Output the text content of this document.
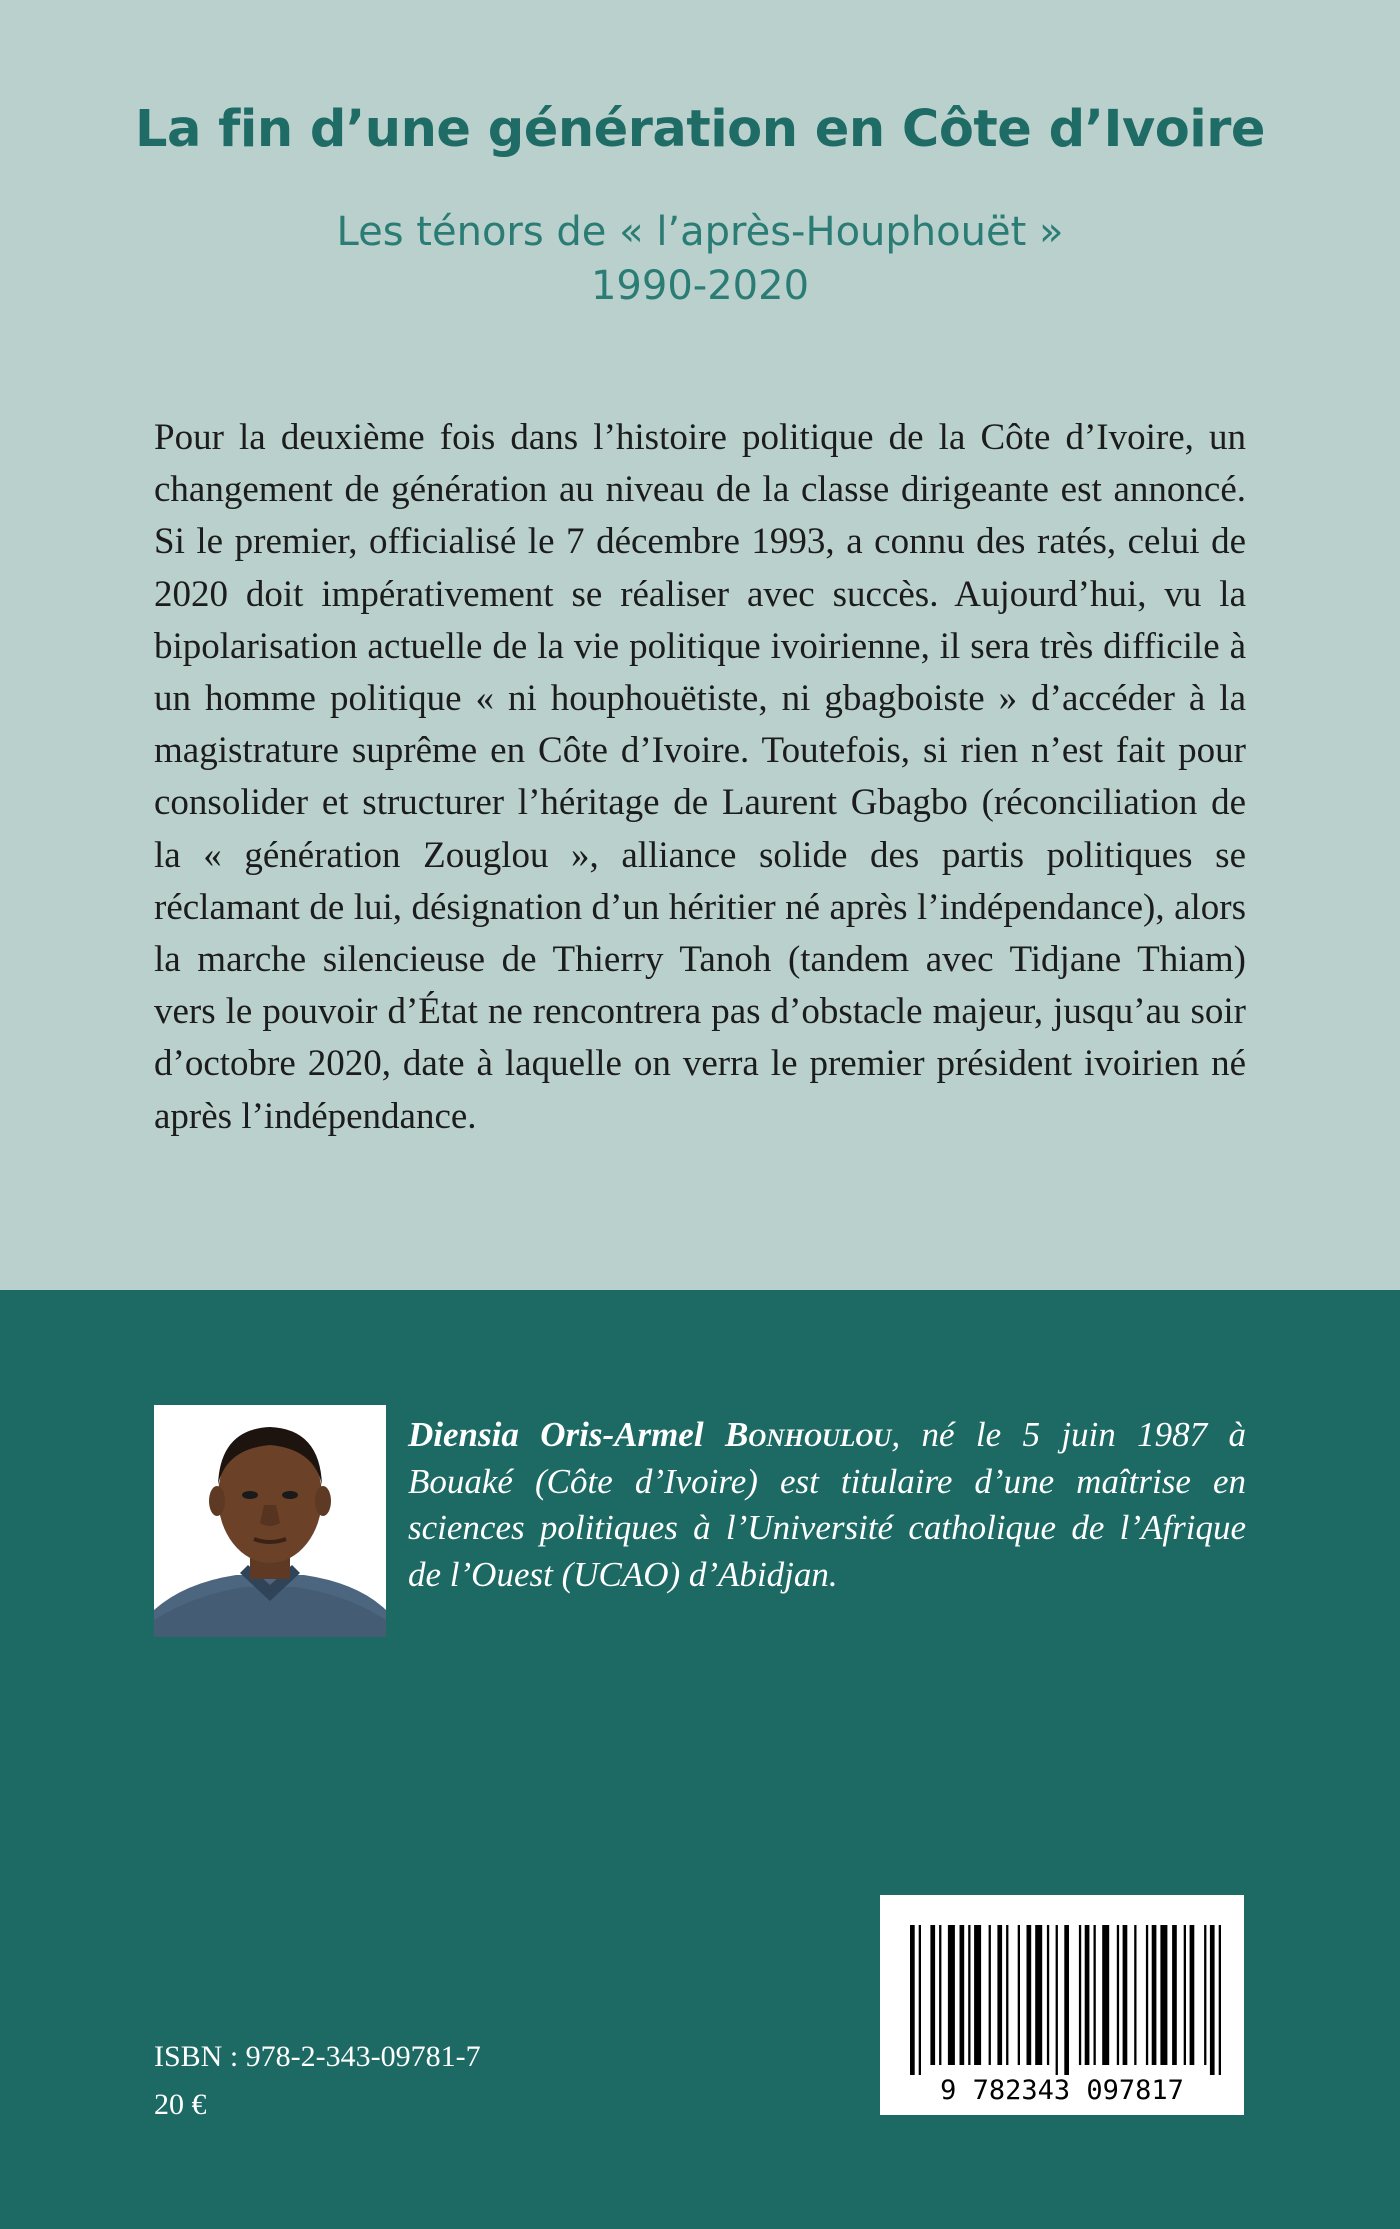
La fin d’une génération en Côte d’Ivoire
Les ténors de « l’après-Houphouët »
1990-2020

Pour la deuxième fois dans l’histoire politique de la Côte d’Ivoire, un changement de génération au niveau de la classe dirigeante est annoncé. Si le premier, officialisé le 7 décembre 1993, a connu des ratés, celui de 2020 doit impérativement se réaliser avec succès. Aujourd’hui, vu la bipolarisation actuelle de la vie politique ivoirienne, il sera très difficile à un homme politique « ni houphouëtiste, ni gbagboiste » d’accéder à la magistrature suprême en Côte d’Ivoire. Toutefois, si rien n’est fait pour consolider et structurer l’héritage de Laurent Gbagbo (réconciliation de la « génération Zouglou », alliance solide des partis politiques se réclamant de lui, désignation d’un héritier né après l’indépendance), alors la marche silencieuse de Thierry Tanoh (tandem avec Tidjane Thiam) vers le pouvoir d’État ne rencontrera pas d’obstacle majeur, jusqu’au soir d’octobre 2020, date à laquelle on verra le premier président ivoirien né après l’indépendance.

Diensia Oris-Armel Bonhoulou, né le 5 juin 1987 à Bouaké (Côte d’Ivoire) est titulaire d’une maîtrise en sciences politiques à l’Université catholique de l’Afrique de l’Ouest (UCAO) d’Abidjan.

9 782343 097817
ISBN : 978-2-343-09781-7
20 €
